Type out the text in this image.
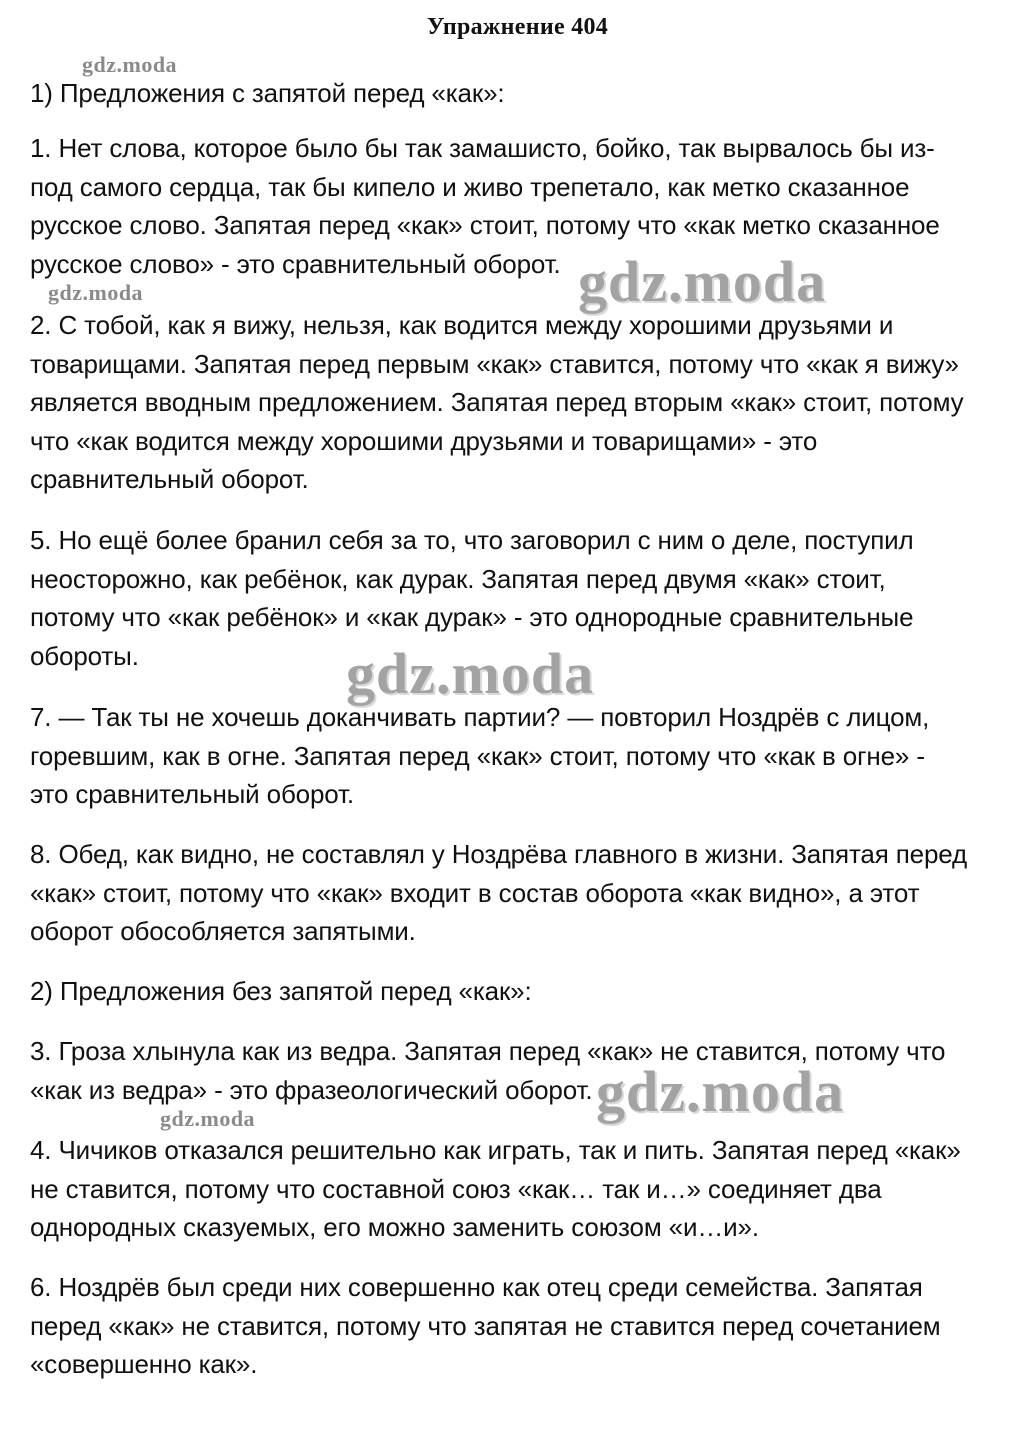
Упражнение 404
gdz.moda
1) Предложения с запятой перед «как»:
1. Нет слова, которое было бы так замашисто, бойко, так вырвалось бы из-
под самого сердца, так бы кипело и живо трепетало, как метко сказанное
русское слово. Запятая перед «как» стоит, потому что «как метко сказанное
русское слово» - это сравнительный оборот. gdz.moda
gdz.moda
2. С тобой, как я вижу, нельзя, как водится между хорошими друзьями и
товарищами. Запятая перед первым «как» ставится, потому что «как я вижу»
является вводным предложением. Запятая перед вторым «как» стоит, потому
что «как водится между хорошими друзьями и товарищами» - это
сравнительный оборот.
5. Но ещё более бранил себя за то, что заговорил с ним о деле, поступил
неосторожно, как ребёнок, как дурак. Запятая перед двумя «как» стоит,
потому что «как ребёнок» и «как дурак» - это однородные сравнительные
обороты.	gdz.moda
7. — Так ты не хочешь доканчивать партии? — повторил Ноздрёв с лицом,
горевшим, как в огне. Запятая перед «как» стоит, потому что «как в огне» -
это сравнительный оборот.
8. Обед, как видно, не составлял у Ноздрёва главного в жизни. Запятая перед
«как» стоит, потому что «как» входит в состав оборота «как видно», а этот
оборот обособляется запятыми.
2) Предложения без запятой перед «как»:
3. Гроза хлынула как из ведра. Запятая перед «как» не ставится, потому что
«как из ведра» - это фразеологический оборот. gdz.moda
gdz.moda
4. Чичиков отказался решительно как играть, так и пить. Запятая перед «как»
не ставится, потому что составной союз «как… так и…» соединяет два
однородных сказуемых, его можно заменить союзом «и…и».
6. Ноздрёв был среди них совершенно как отец среди семейства. Запятая
перед «как» не ставится, потому что запятая не ставится перед сочетанием
«совершенно как».
